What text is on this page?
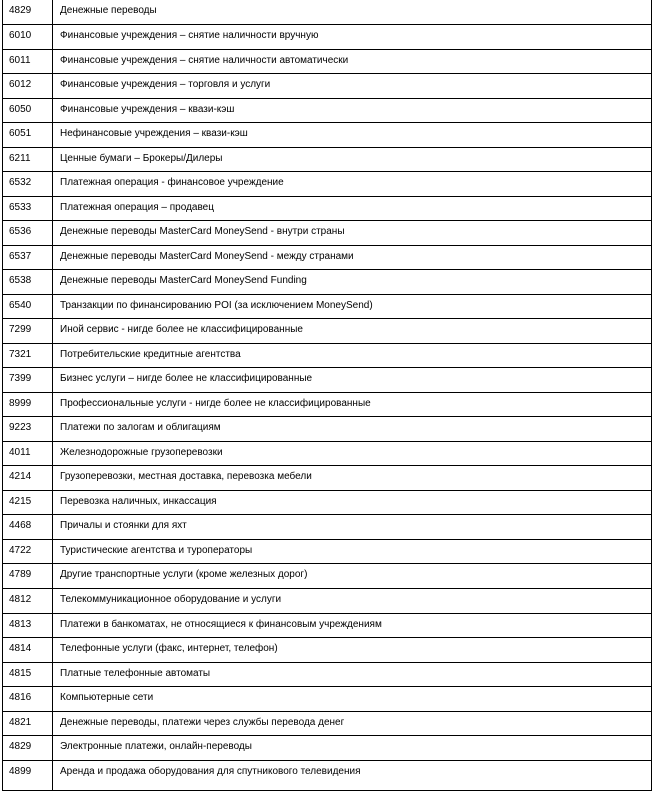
4829	Денежные переводы
6010	Финансовые учреждения – снятие наличности вручную
6011	Финансовые учреждения – снятие наличности автоматически
6012	Финансовые учреждения – торговля и услуги
6050	Финансовые учреждения – квази-кэш
6051	Нефинансовые учреждения – квази-кэш
6211	Ценные бумаги – Брокеры/Дилеры
6532	Платежная операция - финансовое учреждение
6533	Платежная операция – продавец
6536	Денежные переводы MasterCard MoneySend - внутри страны
6537	Денежные переводы MasterCard MoneySend - между странами
6538	Денежные переводы MasterCard MoneySend Funding
6540	Транзакции по финансированию POI (за исключением MoneySend)
7299	Иной сервис - нигде более не классифицированные
7321	Потребительские кредитные агентства
7399	Бизнес услуги – нигде более не классифицированные
8999	Профессиональные услуги - нигде более не классифицированные
9223	Платежи по залогам и облигациям
4011	Железнодорожные грузоперевозки
4214	Грузоперевозки, местная доставка, перевозка мебели
4215	Перевозка наличных, инкассация
4468	Причалы и стоянки для яхт
4722	Туристические агентства и туроператоры
4789	Другие транспортные услуги (кроме железных дорог)
4812	Телекоммуникационное оборудование и услуги
4813	Платежи в банкоматах, не относящиеся к финансовым учреждениям
4814	Телефонные услуги (факс, интернет, телефон)
4815	Платные телефонные автоматы
4816	Компьютерные сети
4821	Денежные переводы, платежи через службы перевода денег
4829	Электронные платежи, онлайн-переводы
4899	Аренда и продажа оборудования для спутникового телевидения
